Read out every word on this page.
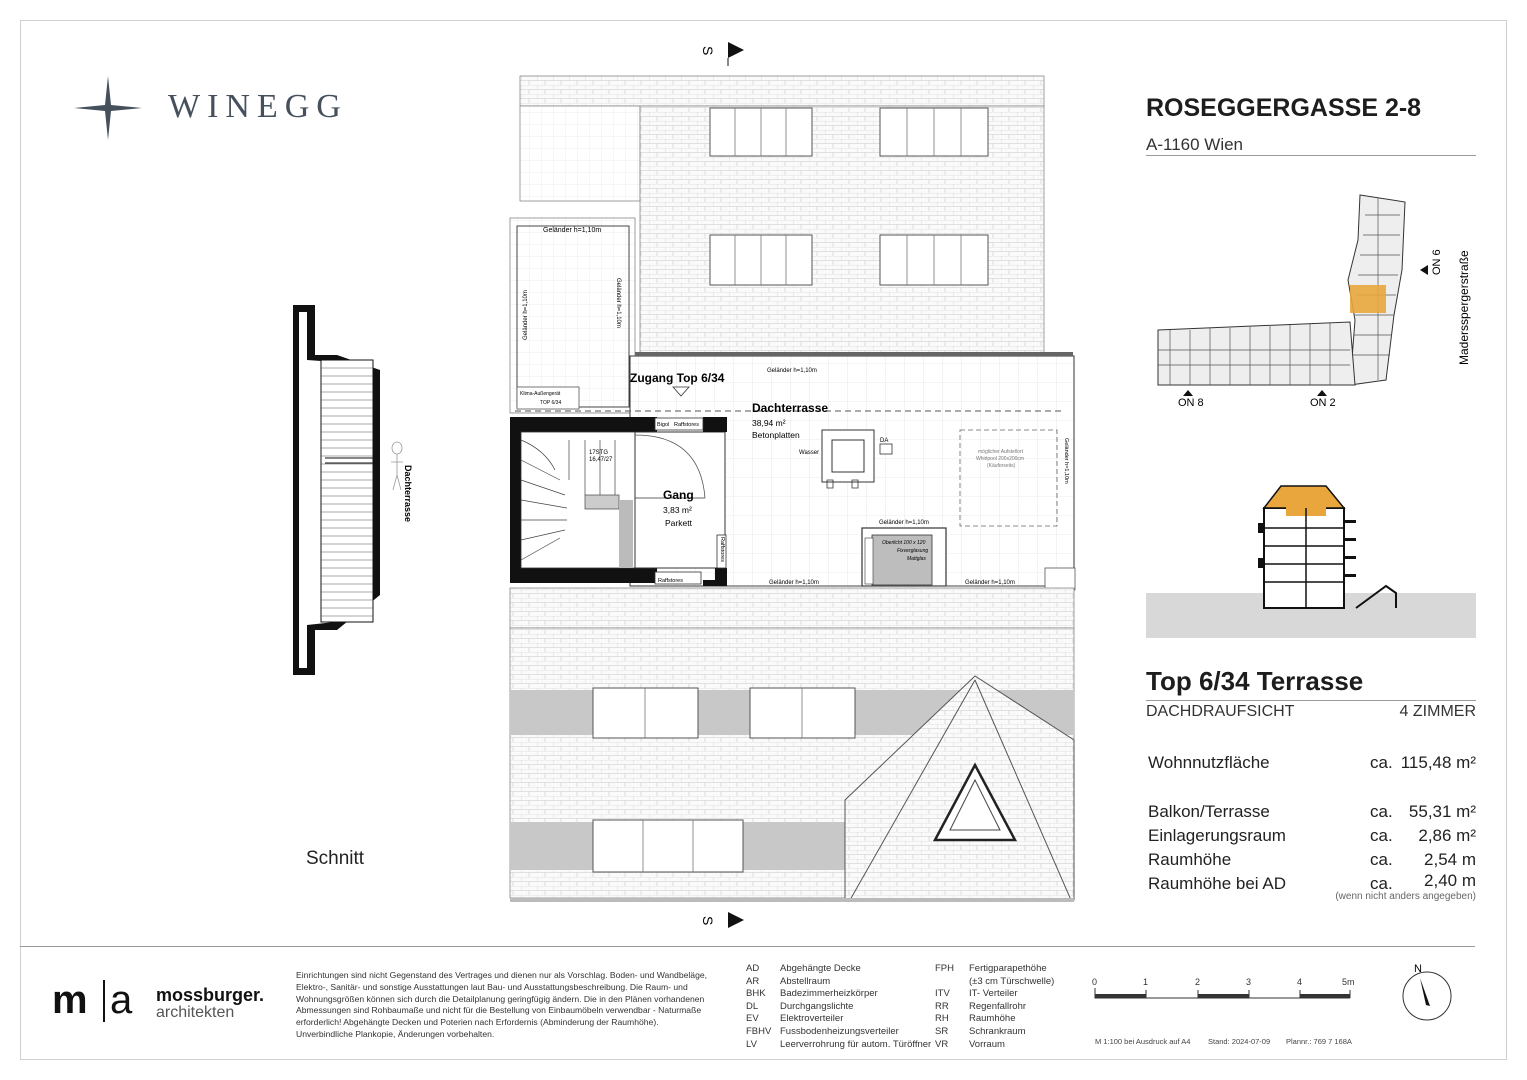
WINEGG	ROSEGGERGASSE 2-8
A-1160 Wien
ON 6
ON 8	ON 2
Madersspergerstraße
Top 6/34 Terrasse
DACHDRAUFSICHT	4 ZIMMER
Wohnnutzfläche	ca. 115,48 m²
Balkon/Terrasse	ca. 55,31 m²
Einlagerungsraum	ca.	2,86 m²
Raumhöhe	ca.	2,54 m
Raumhöhe bei AD	ca.	2,40 m
(wenn nicht anders angegeben)
Dachterrasse
Schnitt
Geländer h=1,10m
Geländer h=1,10m	Geländer h=1,10m
Geländer h=1,10m
Klima-Außengerät
TOP 6/34
Zugang Top 6/34
Dachterrasse
38,94 m²
Betonplatten
17STG
16,47/27
Bigol Raffstores
Raffstores
Raffstores
Gang
3,83 m²
Parkett
Wasser
DA
möglicher Aufstellort
Whirlpool 200x200cm
(Käuferseits)	Geländer h=1,10m
Geländer h=1,10m
Oberlicht 100 x 120
Fixverglasung
Mattglas
Geländer h=1,10m	Geländer h=1,10m
S
S
m a mossburger.
architekten
Einrichtungen sind nicht Gegenstand des Vertrages und dienen nur als Vorschlag. Boden- und Wandbeläge, Elektro-, Sanitär- und sonstige Ausstattungen laut Bau- und Ausstattungsbeschreibung. Die Raum- und Wohnungsgrößen können sich durch die Detailplanung geringfügig ändern. Die in den Plänen vorhandenen Abmessungen sind Rohbaumaße und nicht für die Bestellung von Einbaumöbeln verwendbar - Naturmaße erforderlich! Abgehängte Decken und Poterien nach Erfordernis (Abminderung der Raumhöhe). Unverbindliche Plankopie, Änderungen vorbehalten.
AD	Abgehängte Decke
AR	Abstellraum
BHK	Badezimmerheizkörper
DL	Durchgangslichte
EV	Elektroverteiler
FBHV Fussbodenheizungsverteiler
LV	Leerverrohrung für autom. Türöffner
FPH	Fertigparapethöhe
(±3 cm Türschwelle)
ITV	IT- Verteiler
RR	Regenfallrohr
RH	Raumhöhe
SR	Schrankraum
VR	Vorraum
0	1	2	3	4	5m
M 1:100 bei Ausdruck auf A4 Stand: 2024-07-09 Plannr.: 769 7 168A
N
